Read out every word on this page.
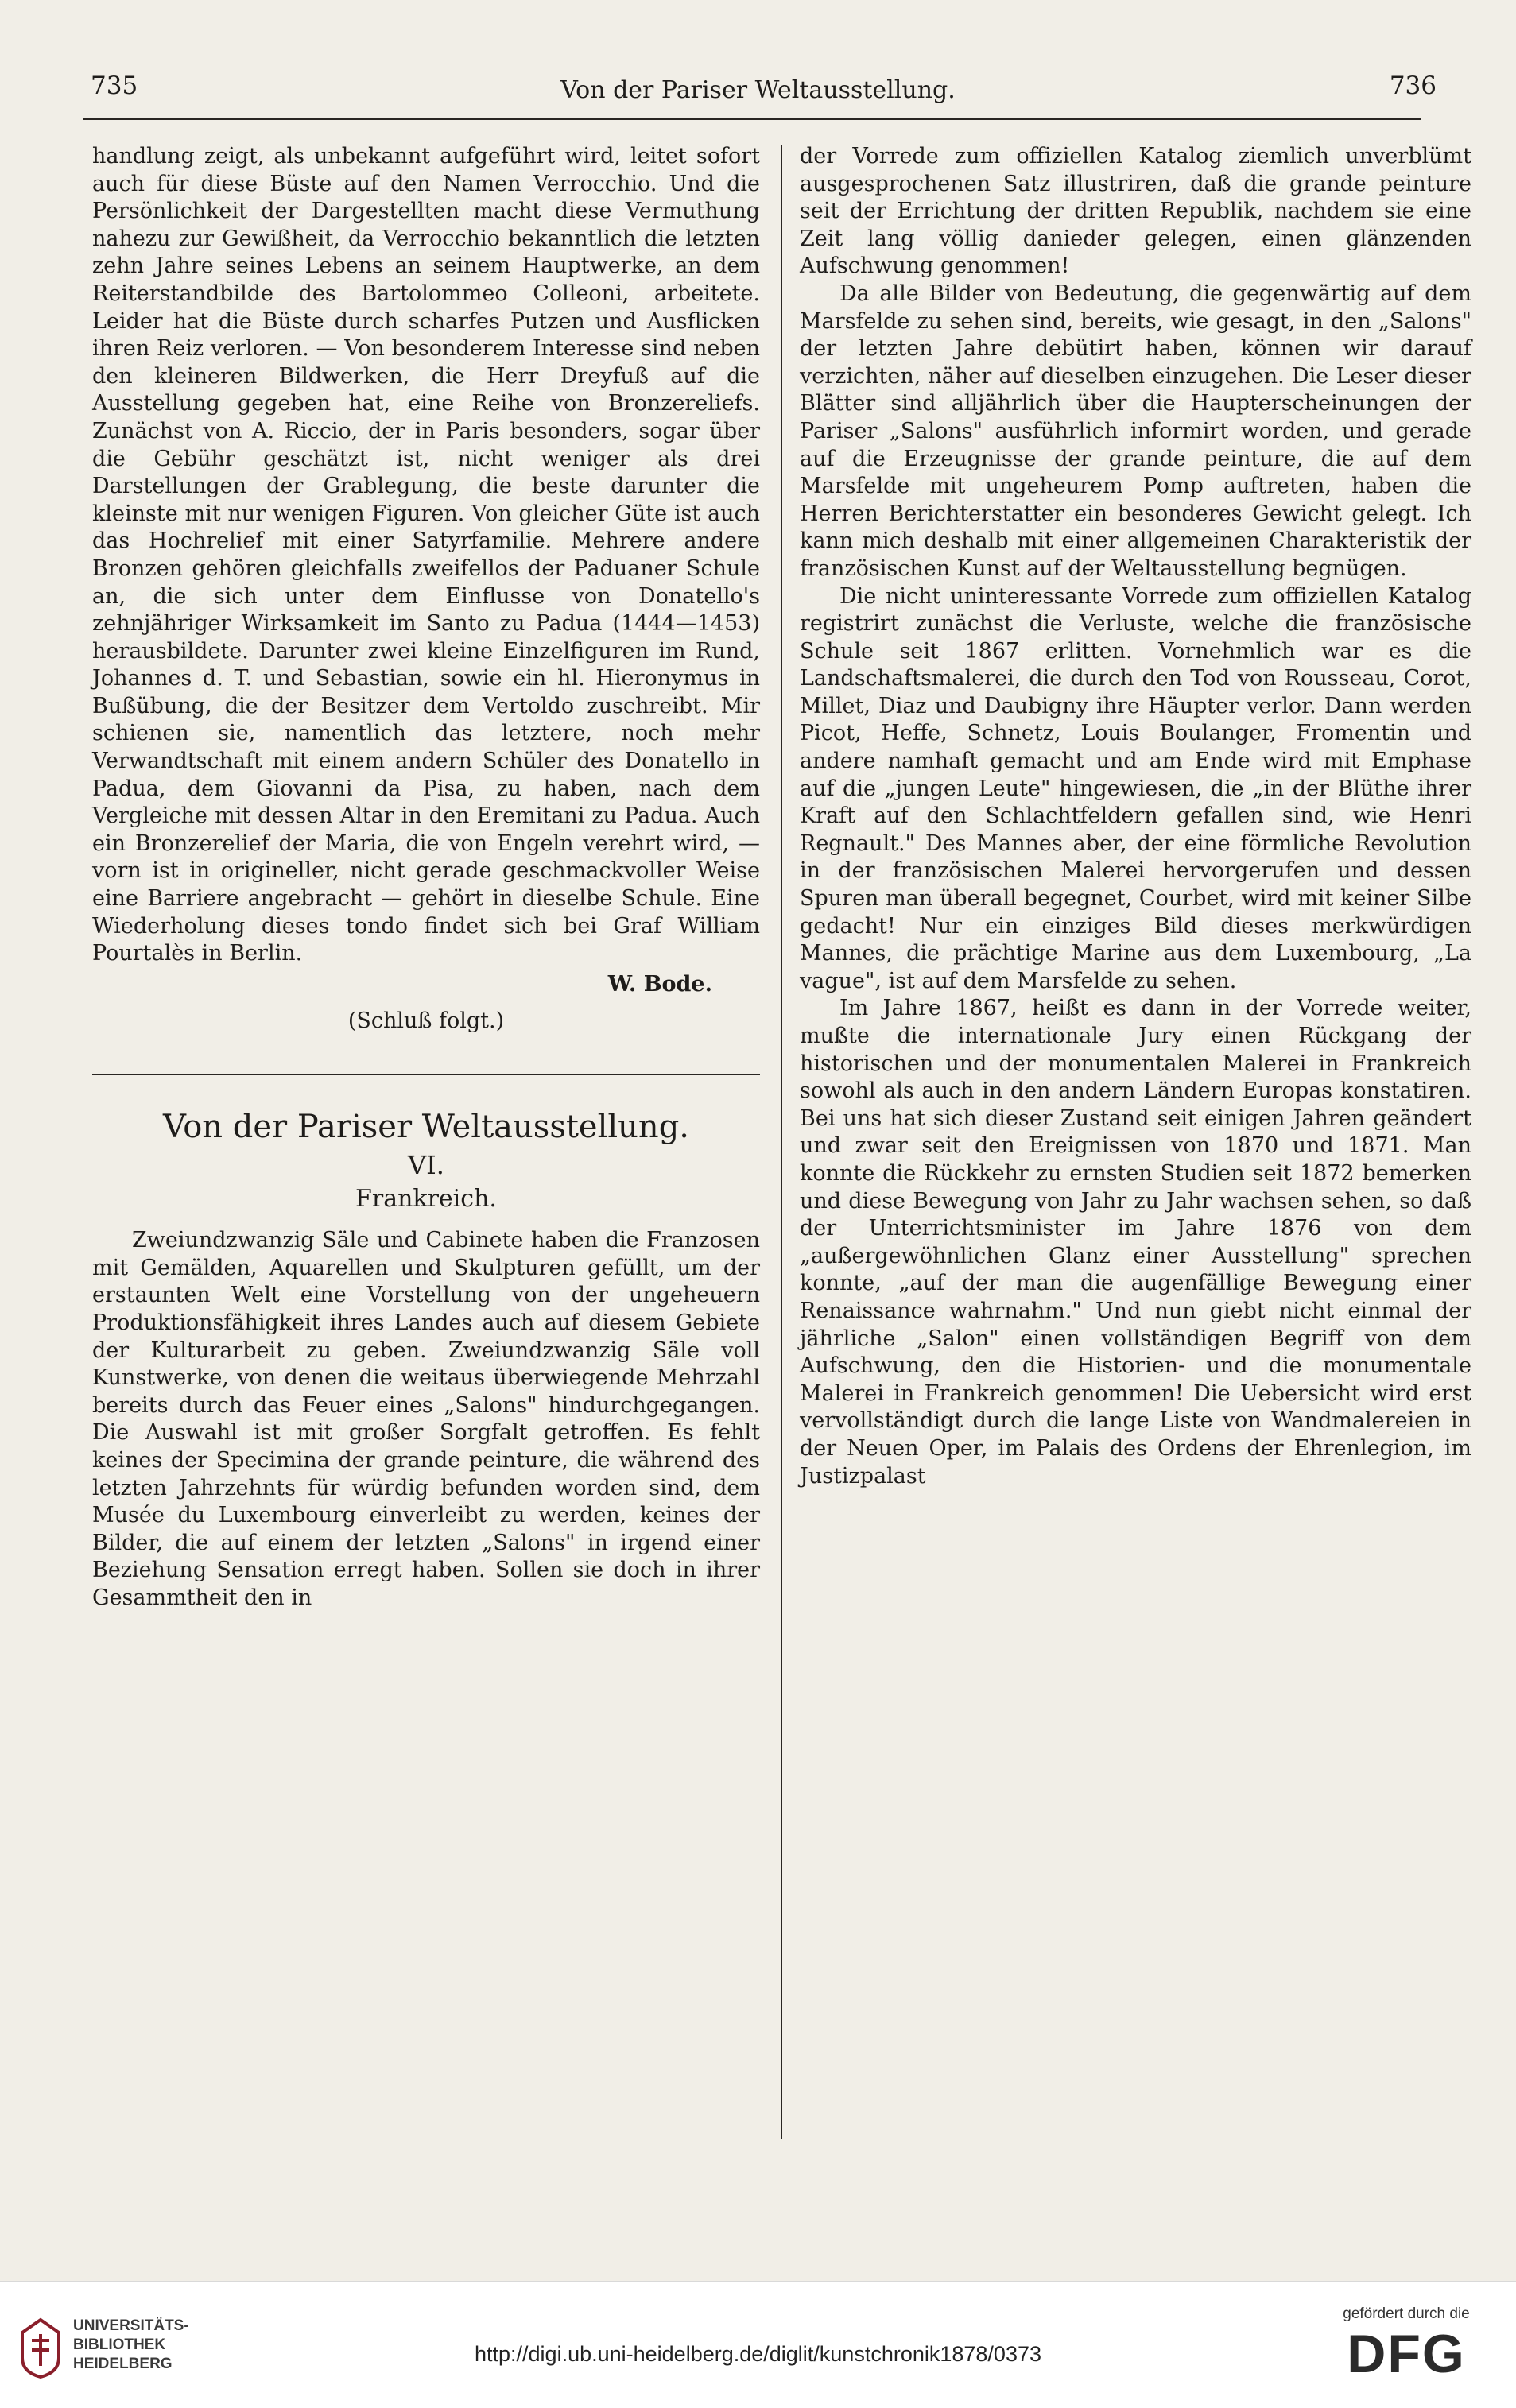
735	Von der Pariser Weltausstellung.	736

handlung zeigt, als unbekannt aufgeführt wird, leitet sofort auch für diese Büste auf den Namen Verrocchio. Und die Persönlichkeit der Dargestellten macht diese Vermuthung nahezu zur Gewißheit, da Verrocchio bekanntlich die letzten zehn Jahre seines Lebens an seinem Hauptwerke, an dem Reiterstandbilde des Bartolommeo Colleoni, arbeitete. Leider hat die Büste durch scharfes Putzen und Ausflicken ihren Reiz verloren. — Von besonderem Interesse sind neben den kleineren Bildwerken, die Herr Dreyfuß auf die Ausstellung gegeben hat, eine Reihe von Bronzereliefs. Zunächst von A. Riccio, der in Paris besonders, sogar über die Gebühr geschätzt ist, nicht weniger als drei Darstellungen der Grablegung, die beste darunter die kleinste mit nur wenigen Figuren. Von gleicher Güte ist auch das Hochrelief mit einer Satyrfamilie. Mehrere andere Bronzen gehören gleichfalls zweifellos der Paduaner Schule an, die sich unter dem Einflusse von Donatello's zehnjähriger Wirksamkeit im Santo zu Padua (1444—1453) herausbildete. Darunter zwei kleine Einzelfiguren im Rund, Johannes d. T. und Sebastian, sowie ein hl. Hieronymus in Bußübung, die der Besitzer dem Vertoldo zuschreibt. Mir schienen sie, namentlich das letztere, noch mehr Verwandtschaft mit einem andern Schüler des Donatello in Padua, dem Giovanni da Pisa, zu haben, nach dem Vergleiche mit dessen Altar in den Eremitani zu Padua. Auch ein Bronzerelief der Maria, die von Engeln verehrt wird, — vorn ist in origineller, nicht gerade geschmackvoller Weise eine Barriere angebracht — gehört in dieselbe Schule. Eine Wiederholung dieses tondo findet sich bei Graf William Pourtalès in Berlin.

W. Bode.
(Schluß folgt.)
Von der Pariser Weltausstellung.
VI.
Frankreich.

Zweiundzwanzig Säle und Cabinete haben die Franzosen mit Gemälden, Aquarellen und Skulpturen gefüllt, um der erstaunten Welt eine Vorstellung von der ungeheuern Produktionsfähigkeit ihres Landes auch auf diesem Gebiete der Kulturarbeit zu geben. Zweiundzwanzig Säle voll Kunstwerke, von denen die weitaus überwiegende Mehrzahl bereits durch das Feuer eines „Salons" hindurchgegangen. Die Auswahl ist mit großer Sorgfalt getroffen. Es fehlt keines der Specimina der grande peinture, die während des letzten Jahrzehnts für würdig befunden worden sind, dem Musée du Luxembourg einverleibt zu werden, keines der Bilder, die auf einem der letzten „Salons" in irgend einer Beziehung Sensation erregt haben. Sollen sie doch in ihrer Gesammtheit den in

der Vorrede zum offiziellen Katalog ziemlich unverblümt ausgesprochenen Satz illustriren, daß die grande peinture seit der Errichtung der dritten Republik, nachdem sie eine Zeit lang völlig danieder gelegen, einen glänzenden Aufschwung genommen!

Da alle Bilder von Bedeutung, die gegenwärtig auf dem Marsfelde zu sehen sind, bereits, wie gesagt, in den „Salons" der letzten Jahre debütirt haben, können wir darauf verzichten, näher auf dieselben einzugehen. Die Leser dieser Blätter sind alljährlich über die Haupterscheinungen der Pariser „Salons" ausführlich informirt worden, und gerade auf die Erzeugnisse der grande peinture, die auf dem Marsfelde mit ungeheurem Pomp auftreten, haben die Herren Berichterstatter ein besonderes Gewicht gelegt. Ich kann mich deshalb mit einer allgemeinen Charakteristik der französischen Kunst auf der Weltausstellung begnügen.

Die nicht uninteressante Vorrede zum offiziellen Katalog registrirt zunächst die Verluste, welche die französische Schule seit 1867 erlitten. Vornehmlich war es die Landschaftsmalerei, die durch den Tod von Rousseau, Corot, Millet, Diaz und Daubigny ihre Häupter verlor. Dann werden Picot, Heffe, Schnetz, Louis Boulanger, Fromentin und andere namhaft gemacht und am Ende wird mit Emphase auf die „jungen Leute" hingewiesen, die „in der Blüthe ihrer Kraft auf den Schlachtfeldern gefallen sind, wie Henri Regnault." Des Mannes aber, der eine förmliche Revolution in der französischen Malerei hervorgerufen und dessen Spuren man überall begegnet, Courbet, wird mit keiner Silbe gedacht! Nur ein einziges Bild dieses merkwürdigen Mannes, die prächtige Marine aus dem Luxembourg, „La vague", ist auf dem Marsfelde zu sehen.

Im Jahre 1867, heißt es dann in der Vorrede weiter, mußte die internationale Jury einen Rückgang der historischen und der monumentalen Malerei in Frankreich sowohl als auch in den andern Ländern Europas konstatiren. Bei uns hat sich dieser Zustand seit einigen Jahren geändert und zwar seit den Ereignissen von 1870 und 1871. Man konnte die Rückkehr zu ernsten Studien seit 1872 bemerken und diese Bewegung von Jahr zu Jahr wachsen sehen, so daß der Unterrichtsminister im Jahre 1876 von dem „außergewöhnlichen Glanz einer Ausstellung" sprechen konnte, „auf der man die augenfällige Bewegung einer Renaissance wahrnahm." Und nun giebt nicht einmal der jährliche „Salon" einen vollständigen Begriff von dem Aufschwung, den die Historien- und die monumentale Malerei in Frankreich genommen! Die Uebersicht wird erst vervollständigt durch die lange Liste von Wandmalereien in der Neuen Oper, im Palais des Ordens der Ehrenlegion, im Justizpalast

UNIVERSITÄTS-
BIBLIOTHEK
HEIDELBERG	http://digi.ub.uni-heidelberg.de/diglit/kunstchronik1878/0373
gefördert durch die
DFG
